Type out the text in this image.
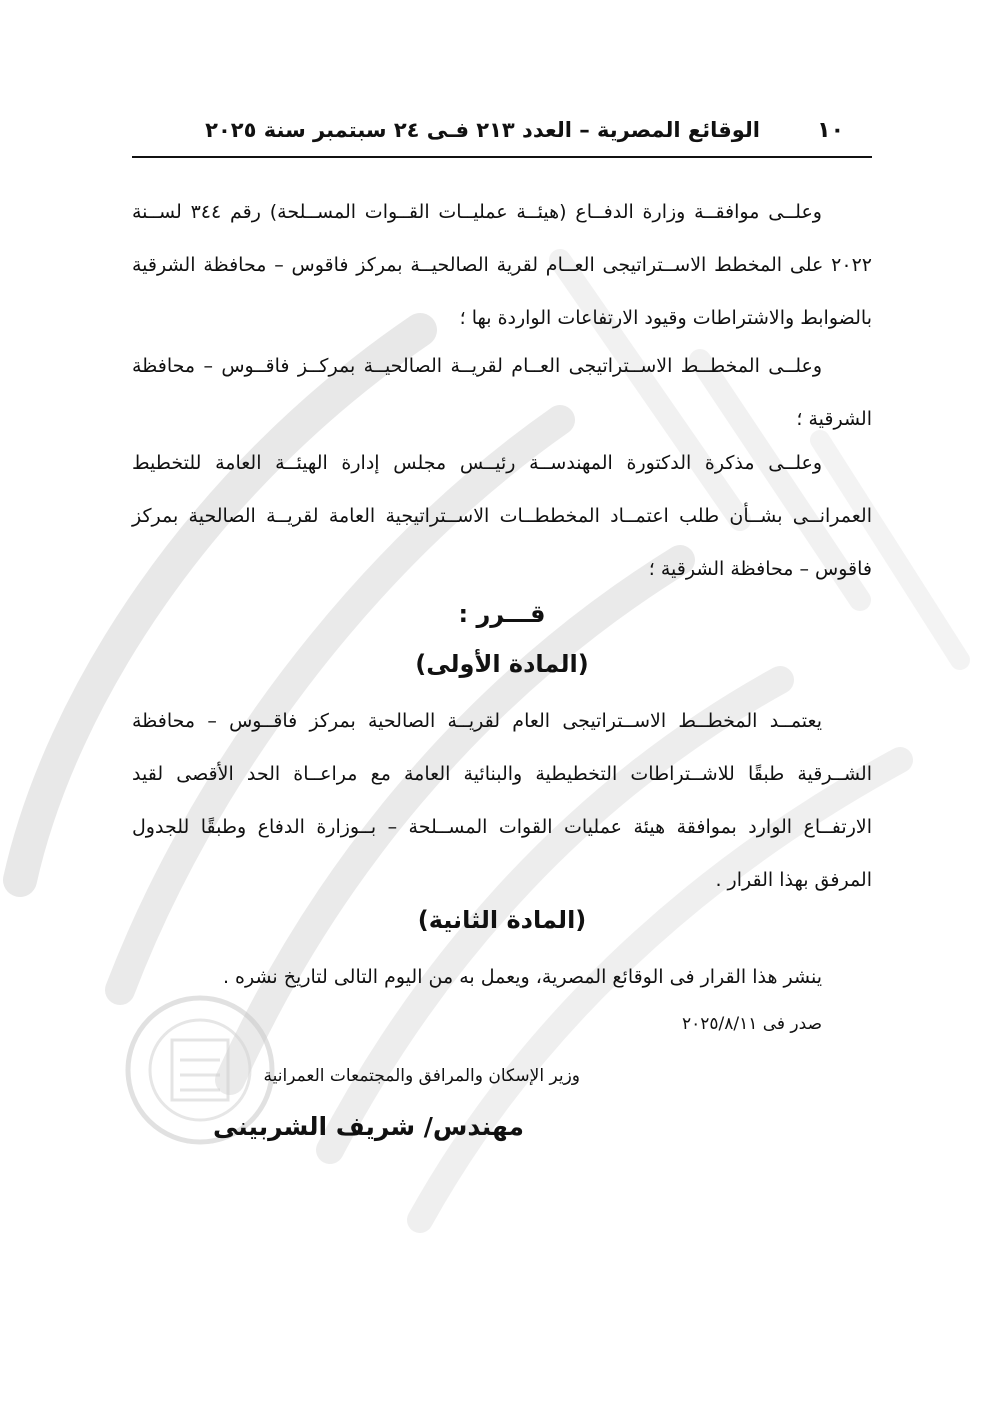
١٠
الوقائع المصرية – العدد ٢١٣ فـى ٢٤ سبتمبر سنة ٢٠٢٥

وعلــى موافقــة وزارة الدفــاع (هيئــة عمليــات القــوات المســلحة) رقم ٣٤٤ لســنة ٢٠٢٢ على المخطط الاســتراتيجى العــام لقرية الصالحيــة بمركز فاقوس – محافظة الشرقية بالضوابط والاشتراطات وقيود الارتفاعات الواردة بها ؛

وعلــى المخطــط الاســتراتيجى العــام لقريــة الصالحيــة بمركــز فاقــوس – محافظة الشرقية ؛

وعلــى مذكرة الدكتورة المهندســة رئيــس مجلس إدارة الهيئــة العامة للتخطيط العمرانــى بشــأن طلب اعتمــاد المخططــات الاســتراتيجية العامة لقريــة الصالحية بمركز فاقوس – محافظة الشرقية ؛

قـــرر :

(المادة الأولى)

يعتمــد المخطــط الاســتراتيجى العام لقريــة الصالحية بمركز فاقــوس – محافظة الشــرقية طبقًا للاشــتراطات التخطيطية والبنائية العامة مع مراعــاة الحد الأقصى لقيد الارتفــاع الوارد بموافقة هيئة عمليات القوات المســلحة – بــوزارة الدفاع وطبقًا للجدول المرفق بهذا القرار .

(المادة الثانية)

ينشر هذا القرار فى الوقائع المصرية، ويعمل به من اليوم التالى لتاريخ نشره .

صدر فى ٢٠٢٥/٨/١١

وزير الإسكان والمرافق والمجتمعات العمرانية

مهندس/ شريف الشربينى
